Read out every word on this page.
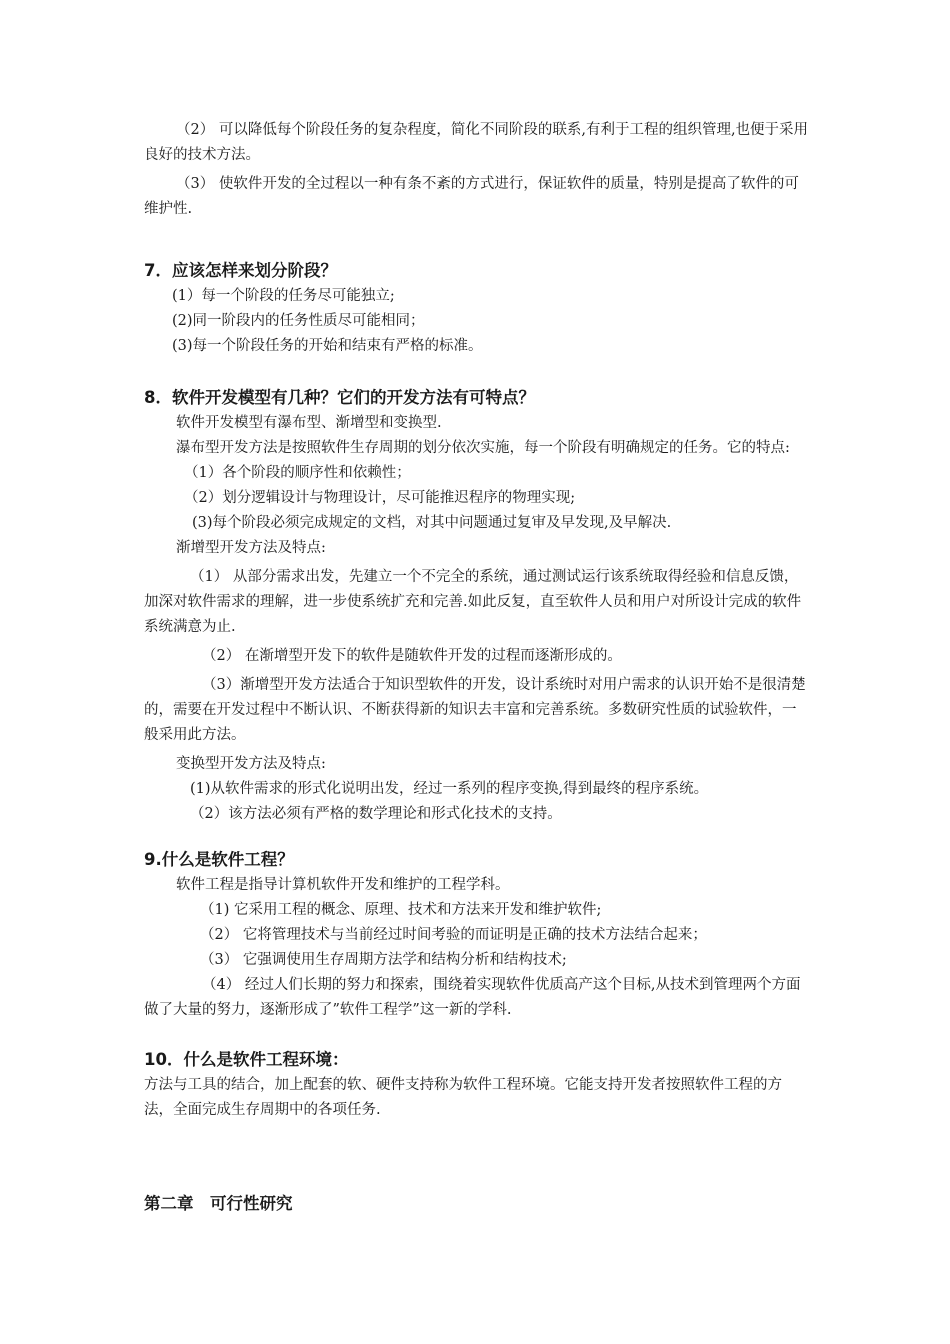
（2） 可以降低每个阶段任务的复杂程度，简化不同阶段的联系,有利于工程的组织管理,也便于采用良好的技术方法。

（3） 使软件开发的全过程以一种有条不紊的方式进行，保证软件的质量，特别是提高了软件的可维护性.

7．应该怎样来划分阶段？

(1）每一个阶段的任务尽可能独立;

(2)同一阶段内的任务性质尽可能相同；

(3)每一个阶段任务的开始和结束有严格的标准。

8．软件开发模型有几种？它们的开发方法有可特点？

软件开发模型有瀑布型、渐增型和变换型.

瀑布型开发方法是按照软件生存周期的划分依次实施，每一个阶段有明确规定的任务。它的特点:

（1）各个阶段的顺序性和依赖性；

（2）划分逻辑设计与物理设计，尽可能推迟程序的物理实现;

(3)每个阶段必须完成规定的文档，对其中问题通过复审及早发现,及早解决.

渐增型开发方法及特点:

（1） 从部分需求出发，先建立一个不完全的系统，通过测试运行该系统取得经验和信息反馈，加深对软件需求的理解，进一步使系统扩充和完善.如此反复，直至软件人员和用户对所设计完成的软件系统满意为止.

（2） 在渐增型开发下的软件是随软件开发的过程而逐渐形成的。

（3）渐增型开发方法适合于知识型软件的开发，设计系统时对用户需求的认识开始不是很清楚的，需要在开发过程中不断认识、不断获得新的知识去丰富和完善系统。多数研究性质的试验软件，一般采用此方法。

变换型开发方法及特点:

(1)从软件需求的形式化说明出发，经过一系列的程序变换,得到最终的程序系统。

（2）该方法必须有严格的数学理论和形式化技术的支持。

9.什么是软件工程？

软件工程是指导计算机软件开发和维护的工程学科。

（1) 它采用工程的概念、原理、技术和方法来开发和维护软件;

（2） 它将管理技术与当前经过时间考验的而证明是正确的技术方法结合起来；

（3） 它强调使用生存周期方法学和结构分析和结构技术;

（4） 经过人们长期的努力和探索，围绕着实现软件优质高产这个目标,从技术到管理两个方面做了大量的努力，逐渐形成了”软件工程学”这一新的学科.

10．什么是软件工程环境：

方法与工具的结合，加上配套的软、硬件支持称为软件工程环境。它能支持开发者按照软件工程的方法，全面完成生存周期中的各项任务.

第二章　可行性研究
